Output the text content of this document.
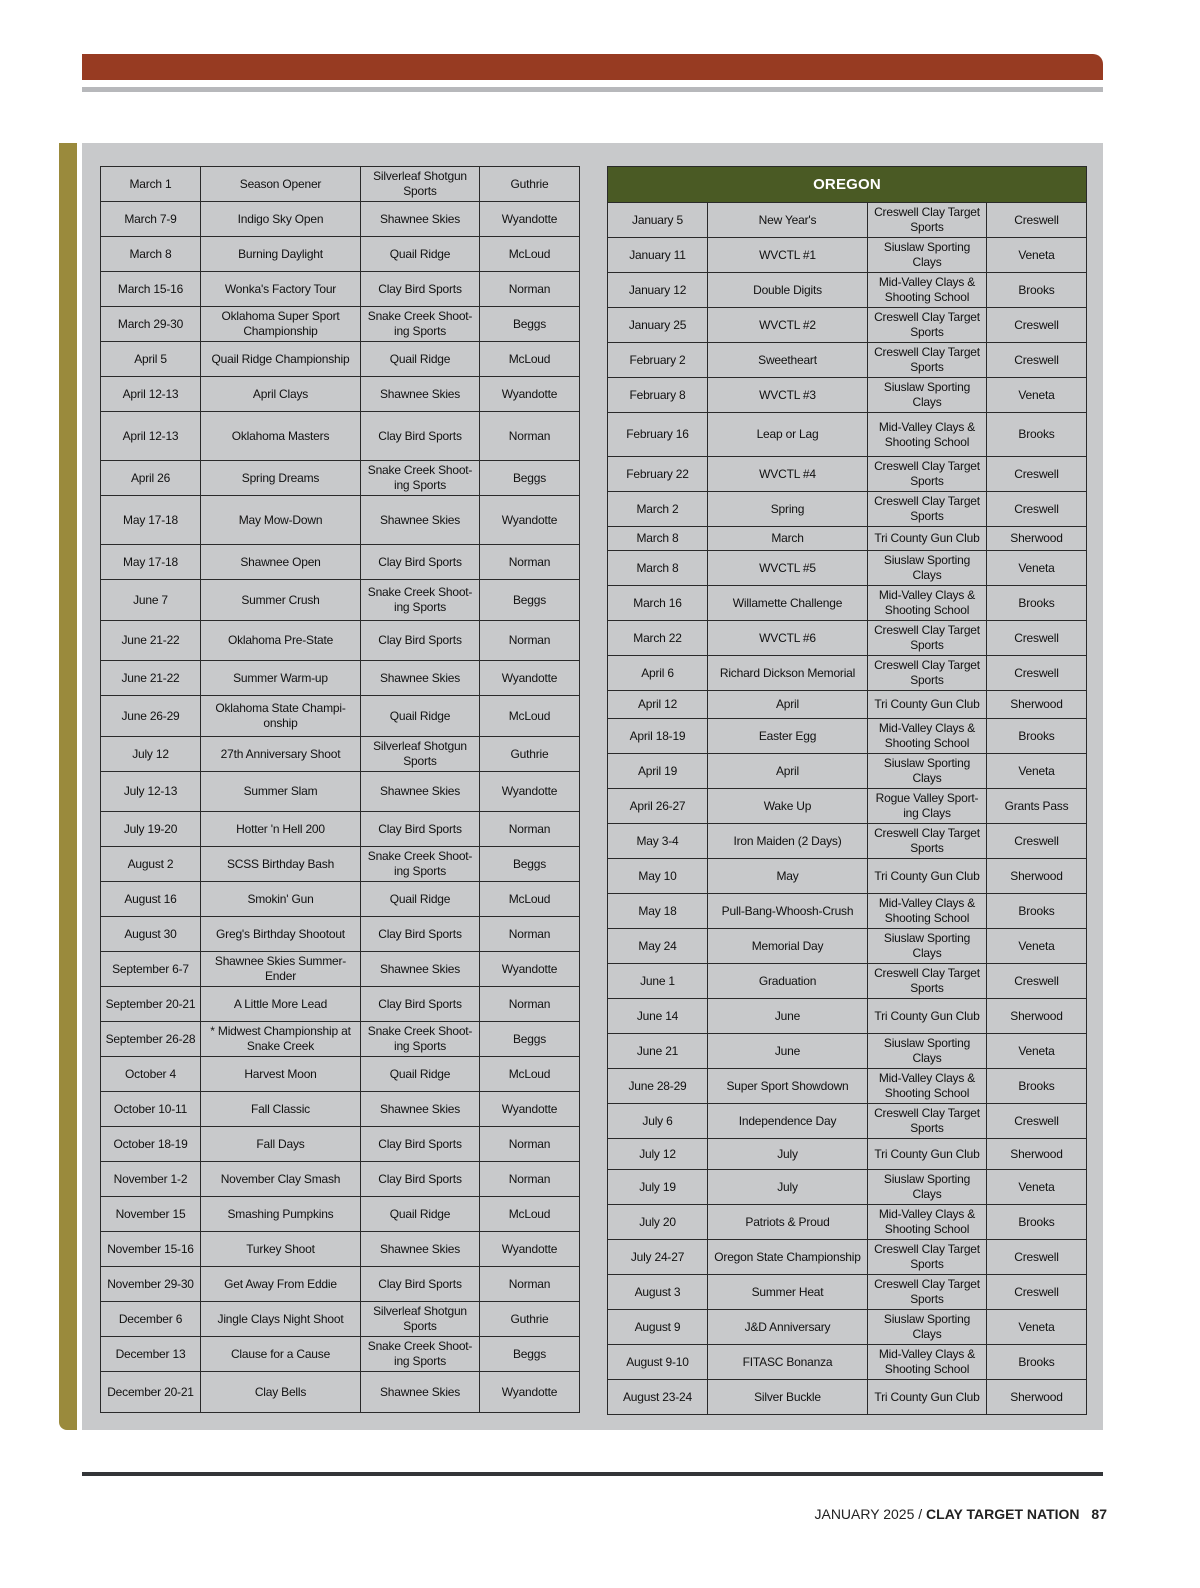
March 1	Season Opener	Silverleaf Shotgun Sports	Guthrie
March 7-9	Indigo Sky Open	Shawnee Skies	Wyandotte
March 8	Burning Daylight	Quail Ridge	McLoud
March 15-16	Wonka's Factory Tour	Clay Bird Sports	Norman
March 29-30	Oklahoma Super Sport Championship	Snake Creek Shoot-ing Sports	Beggs
April 5	Quail Ridge Championship	Quail Ridge	McLoud
April 12-13	April Clays	Shawnee Skies	Wyandotte
April 12-13	Oklahoma Masters	Clay Bird Sports	Norman
April 26	Spring Dreams	Snake Creek Shoot-ing Sports	Beggs
May 17-18	May Mow-Down	Shawnee Skies	Wyandotte
May 17-18	Shawnee Open	Clay Bird Sports	Norman
June 7	Summer Crush	Snake Creek Shoot-ing Sports	Beggs
June 21-22	Oklahoma Pre-State	Clay Bird Sports	Norman
June 21-22	Summer Warm-up	Shawnee Skies	Wyandotte
June 26-29	Oklahoma State Champi-onship	Quail Ridge	McLoud
July 12	27th Anniversary Shoot	Silverleaf Shotgun Sports	Guthrie
July 12-13	Summer Slam	Shawnee Skies	Wyandotte
July 19-20	Hotter 'n Hell 200	Clay Bird Sports	Norman
August 2	SCSS Birthday Bash	Snake Creek Shoot-ing Sports	Beggs
August 16	Smokin' Gun	Quail Ridge	McLoud
August 30	Greg's Birthday Shootout	Clay Bird Sports	Norman
September 6-7	Shawnee Skies Summer-Ender	Shawnee Skies	Wyandotte
September 20-21	A Little More Lead	Clay Bird Sports	Norman
September 26-28	* Midwest Championship at Snake Creek	Snake Creek Shoot-ing Sports	Beggs
October 4	Harvest Moon	Quail Ridge	McLoud
October 10-11	Fall Classic	Shawnee Skies	Wyandotte
October 18-19	Fall Days	Clay Bird Sports	Norman
November 1-2	November Clay Smash	Clay Bird Sports	Norman
November 15	Smashing Pumpkins	Quail Ridge	McLoud
November 15-16	Turkey Shoot	Shawnee Skies	Wyandotte
November 29-30	Get Away From Eddie	Clay Bird Sports	Norman
December 6	Jingle Clays Night Shoot	Silverleaf Shotgun Sports	Guthrie
December 13	Clause for a Cause	Snake Creek Shoot-ing Sports	Beggs
December 20-21	Clay Bells	Shawnee Skies	Wyandotte
OREGON			
January 5	New Year's	Creswell Clay Target Sports	Creswell
January 11	WVCTL #1	Siuslaw Sporting Clays	Veneta
January 12	Double Digits	Mid-Valley Clays & Shooting School	Brooks
January 25	WVCTL #2	Creswell Clay Target Sports	Creswell
February 2	Sweetheart	Creswell Clay Target Sports	Creswell
February 8	WVCTL #3	Siuslaw Sporting Clays	Veneta
February 16	Leap or Lag	Mid-Valley Clays & Shooting School	Brooks
February 22	WVCTL #4	Creswell Clay Target Sports	Creswell
March 2	Spring	Creswell Clay Target Sports	Creswell
March 8	March	Tri County Gun Club	Sherwood
March 8	WVCTL #5	Siuslaw Sporting Clays	Veneta
March 16	Willamette Challenge	Mid-Valley Clays & Shooting School	Brooks
March 22	WVCTL #6	Creswell Clay Target Sports	Creswell
April 6	Richard Dickson Memorial	Creswell Clay Target Sports	Creswell
April 12	April	Tri County Gun Club	Sherwood
April 18-19	Easter Egg	Mid-Valley Clays & Shooting School	Brooks
April 19	April	Siuslaw Sporting Clays	Veneta
April 26-27	Wake Up	Rogue Valley Sport-ing Clays	Grants Pass
May 3-4	Iron Maiden (2 Days)	Creswell Clay Target Sports	Creswell
May 10	May	Tri County Gun Club	Sherwood
May 18	Pull-Bang-Whoosh-Crush	Mid-Valley Clays & Shooting School	Brooks
May 24	Memorial Day	Siuslaw Sporting Clays	Veneta
June 1	Graduation	Creswell Clay Target Sports	Creswell
June 14	June	Tri County Gun Club	Sherwood
June 21	June	Siuslaw Sporting Clays	Veneta
June 28-29	Super Sport Showdown	Mid-Valley Clays & Shooting School	Brooks
July 6	Independence Day	Creswell Clay Target Sports	Creswell
July 12	July	Tri County Gun Club	Sherwood
July 19	July	Siuslaw Sporting Clays	Veneta
July 20	Patriots & Proud	Mid-Valley Clays & Shooting School	Brooks
July 24-27	Oregon State Championship	Creswell Clay Target Sports	Creswell
August 3	Summer Heat	Creswell Clay Target Sports	Creswell
August 9	J&D Anniversary	Siuslaw Sporting Clays	Veneta
August 9-10	FITASC Bonanza	Mid-Valley Clays & Shooting School	Brooks
August 23-24	Silver Buckle	Tri County Gun Club	Sherwood
JANUARY 2025 / CLAY TARGET NATION 87
